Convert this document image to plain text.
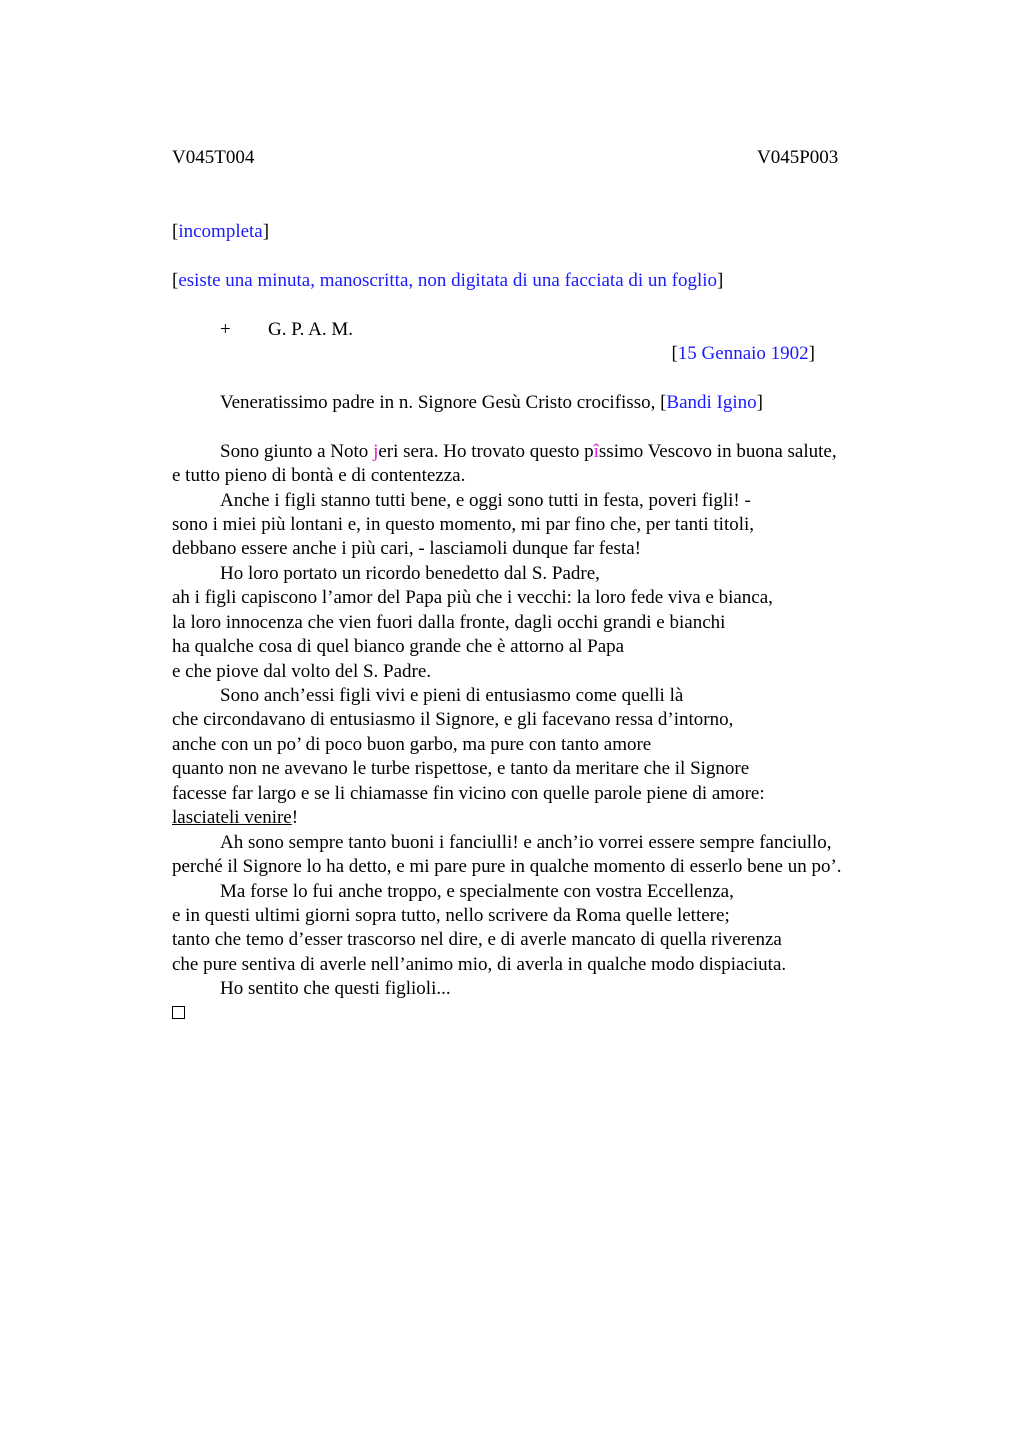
V045T004	V045P003
[incompleta]
[esiste una minuta, manoscritta, non digitata di una facciata di un foglio]
+ G. P. A. M.
[15 Gennaio 1902]
Veneratissimo padre in n. Signore Gesù Cristo crocifisso, [Bandi Igino]
Sono giunto a Noto jeri sera. Ho trovato questo pîssimo Vescovo in buona salute,
e tutto pieno di bontà e di contentezza.
Anche i figli stanno tutti bene, e oggi sono tutti in festa, poveri figli! -
sono i miei più lontani e, in questo momento, mi par fino che, per tanti titoli,
debbano essere anche i più cari, - lasciamoli dunque far festa!
Ho loro portato un ricordo benedetto dal S. Padre,
ah i figli capiscono l’amor del Papa più che i vecchi: la loro fede viva e bianca,
la loro innocenza che vien fuori dalla fronte, dagli occhi grandi e bianchi
ha qualche cosa di quel bianco grande che è attorno al Papa
e che piove dal volto del S. Padre.
Sono anch’essi figli vivi e pieni di entusiasmo come quelli là
che circondavano di entusiasmo il Signore, e gli facevano ressa d’intorno,
anche con un po’ di poco buon garbo, ma pure con tanto amore
quanto non ne avevano le turbe rispettose, e tanto da meritare che il Signore
facesse far largo e se li chiamasse fin vicino con quelle parole piene di amore:
lasciateli venire!
Ah sono sempre tanto buoni i fanciulli! e anch’io vorrei essere sempre fanciullo,
perché il Signore lo ha detto, e mi pare pure in qualche momento di esserlo bene un po’.
Ma forse lo fui anche troppo, e specialmente con vostra Eccellenza,
e in questi ultimi giorni sopra tutto, nello scrivere da Roma quelle lettere;
tanto che temo d’esser trascorso nel dire, e di averle mancato di quella riverenza
che pure sentiva di averle nell’animo mio, di averla in qualche modo dispiaciuta.
Ho sentito che questi figlioli...
